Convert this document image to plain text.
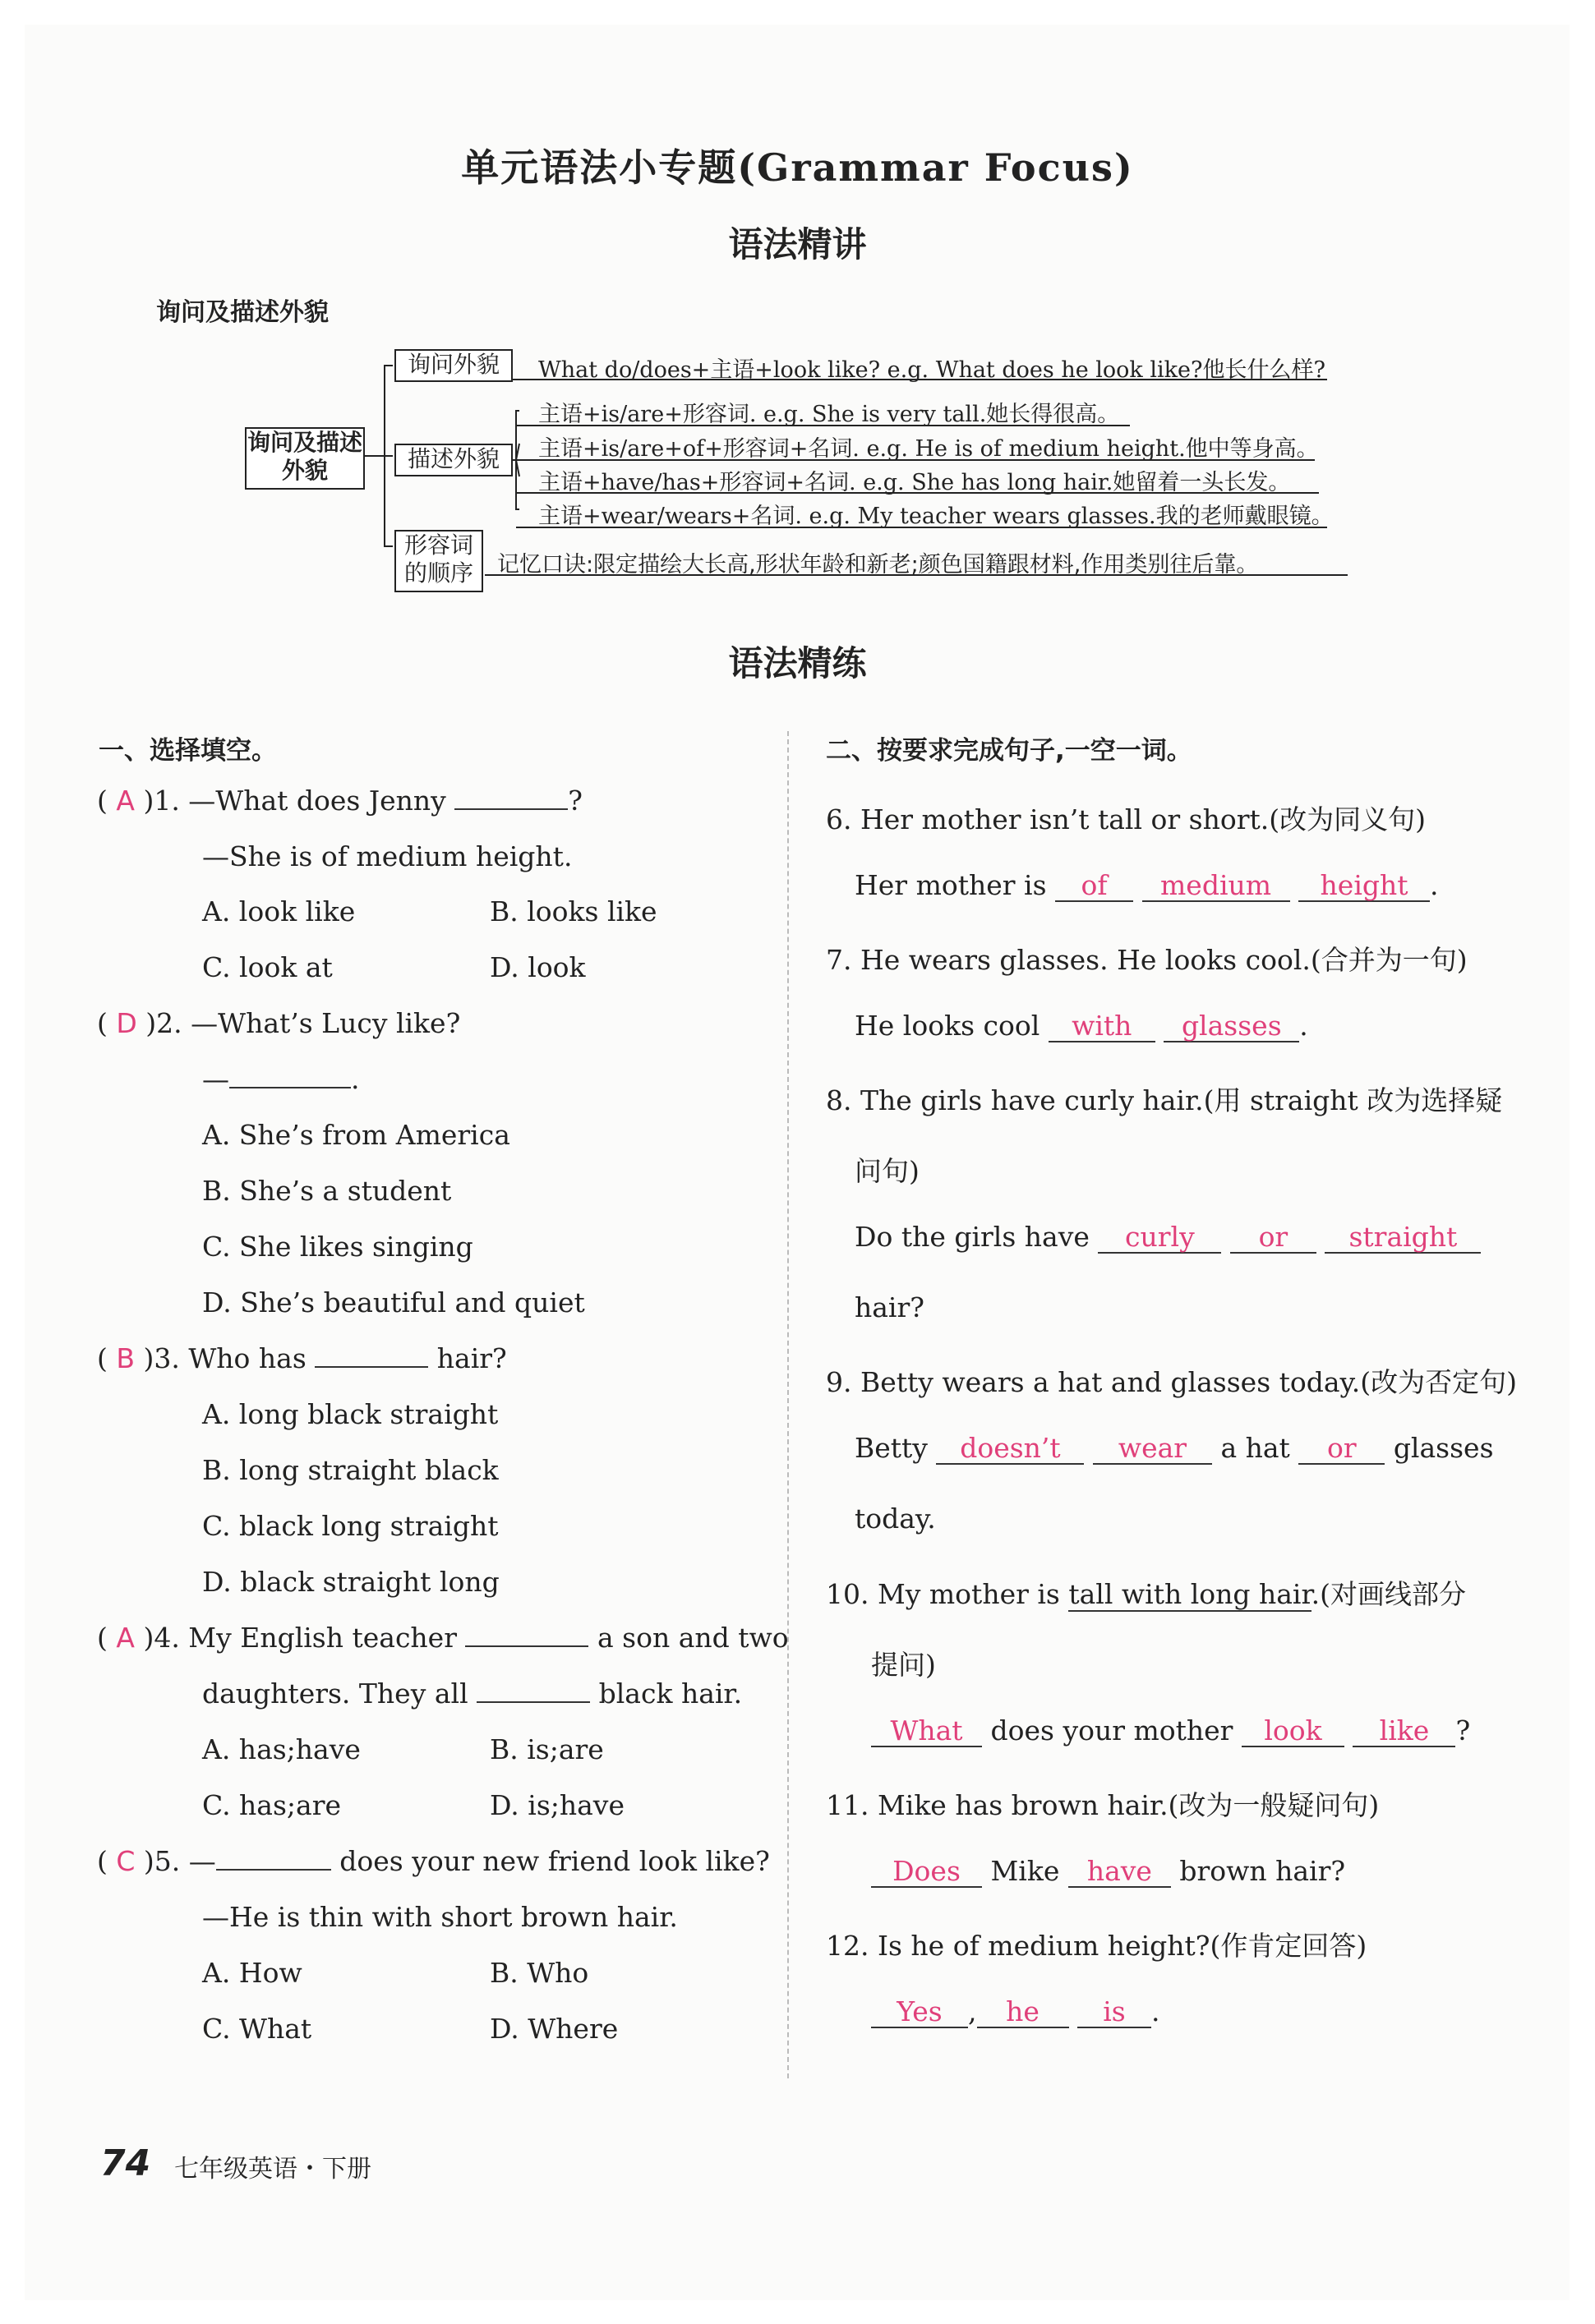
单元语法小专题(Grammar Focus)
语法精讲
询问及描述外貌
询问及描述外貌
询问外貌
描述外貌
形容词的顺序
What do/does+主语+look like? e.g. What does he look like?他长什么样?
主语+is/are+形容词. e.g. She is very tall.她长得很高。
主语+is/are+of+形容词+名词. e.g. He is of medium height.他中等身高。
主语+have/has+形容词+名词. e.g. She has long hair.她留着一头长发。
主语+wear/wears+名词. e.g. My teacher wears glasses.我的老师戴眼镜。
记忆口诀:限定描绘大长高,形状年龄和新老;颜色国籍跟材料,作用类别往后靠。
语法精练
一、选择填空。
( A )1. —What does Jenny	?
—She is of medium height.
A. look like	B. looks like
C. look at	D. look
( D )2. —What’s Lucy like?
—	.
A. She’s from America
B. She’s a student
C. She likes singing
D. She’s beautiful and quiet
( B )3. Who has	hair?
A. long black straight
B. long straight black
C. black long straight
D. black straight long
( A )4. My English teacher	a son and two
daughters. They all	black hair.
A. has;have	B. is;are
C. has;are	D. is;have
( C )5. —	does your new friend look like?
—He is thin with short brown hair.
A. How	B. Who
C. What	D. Where
二、按要求完成句子,一空一词。
6. Her mother isn’t tall or short.(改为同义句)
Her mother is of medium height .
7. He wears glasses. He looks cool.(合并为一句)
He looks cool with glasses .
8. The girls have curly hair.(用 straight 改为选择疑
问句)
Do the girls have curly or straight
hair?
9. Betty wears a hat and glasses today.(改为否定句)
Betty doesn’t wear a hat or glasses
today.
10. My mother is tall with long hair.(对画线部分
提问)
What does your mother look like ?
11. Mike has brown hair.(改为一般疑问句)
Does Mike have brown hair?
12. Is he of medium height?(作肯定回答)
Yes , he is .
74 七年级英语・下册
